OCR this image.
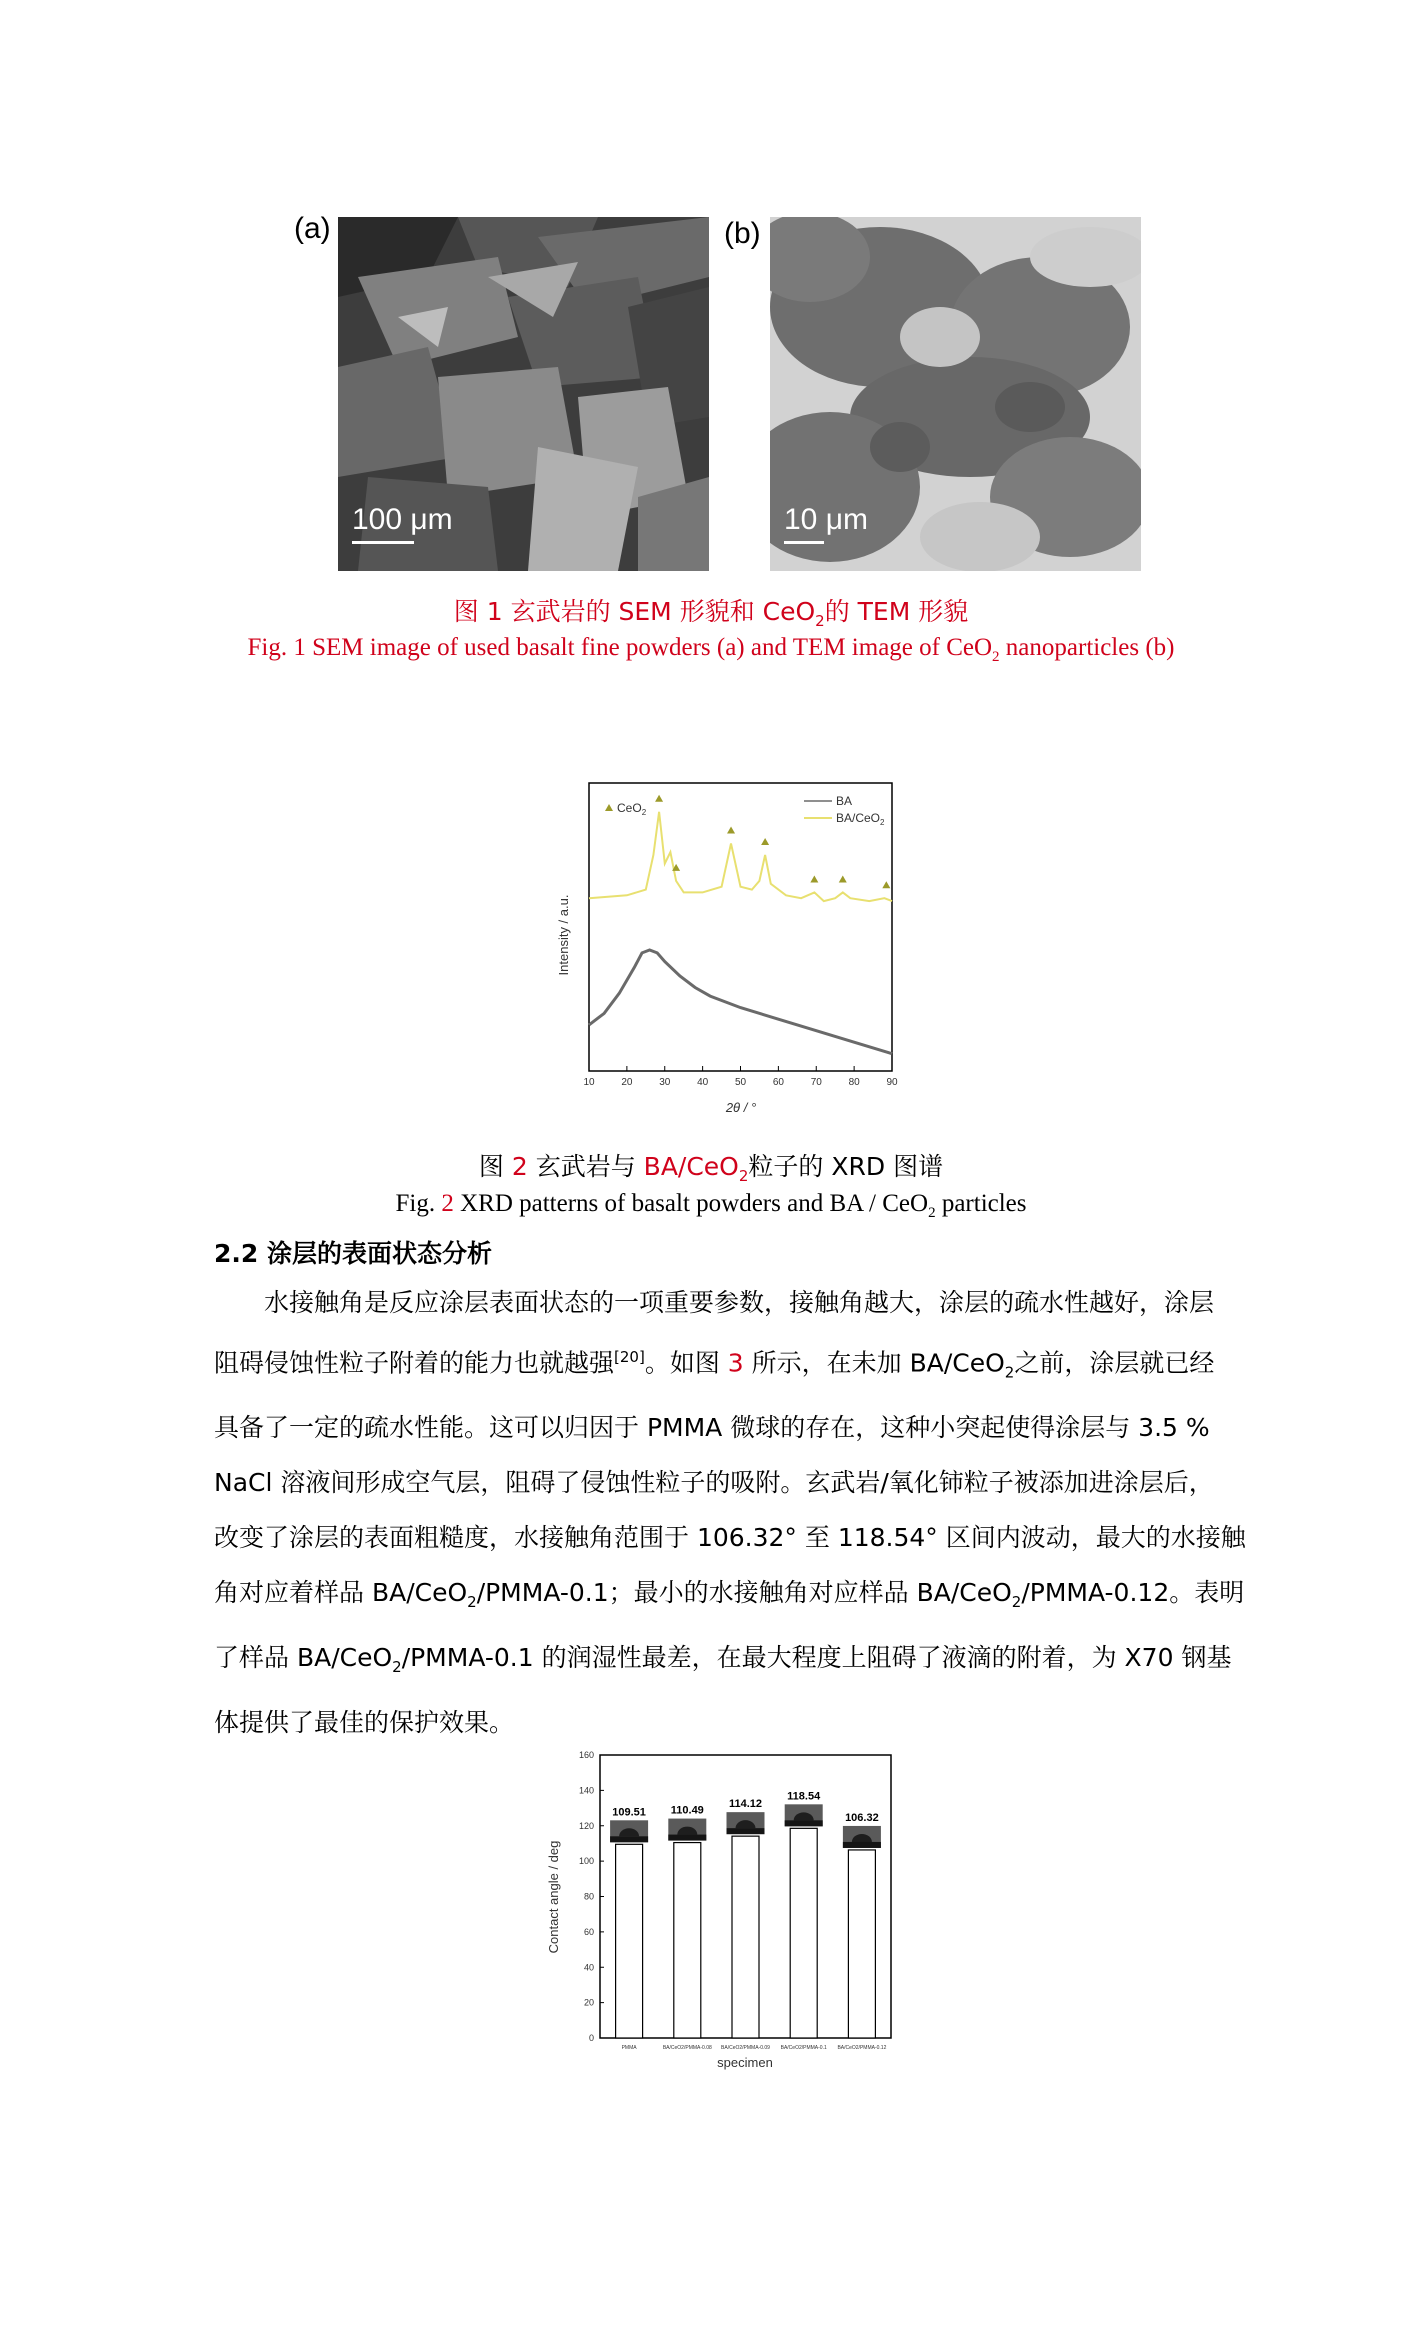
(a)
100 μm
(b)
10 μm
图 1 玄武岩的 SEM 形貌和 CeO$_2$的 TEM 形貌
Fig. 1 SEM image of used basalt fine powders (a) and TEM image of CeO$_2$ nanoparticles (b)
10	20	30	40	50	60	70	80	90
Intensity / a.u.
2θ / °
CeO$_2$
BA
BA/CeO$_2$
图 2 玄武岩与 BA/CeO$_2$粒子的 XRD 图谱
Fig. 2 XRD patterns of basalt powders and BA / CeO$_2$ particles
2.2 涂层的表面状态分析
　　水接触角是反应涂层表面状态的一项重要参数，接触角越大，涂层的疏水性越好，涂层
阻碍侵蚀性粒子附着的能力也就越强[20]。如图 3 所示，在未加 BA/CeO$_2$之前，涂层就已经
具备了一定的疏水性能。这可以归因于 PMMA 微球的存在，这种小突起使得涂层与 3.5 %
NaCl 溶液间形成空气层，阻碍了侵蚀性粒子的吸附。玄武岩/氧化铈粒子被添加进涂层后，
改变了涂层的表面粗糙度，水接触角范围于 106.32° 至 118.54° 区间内波动，最大的水接触
角对应着样品 BA/CeO$_2$/PMMA-0.1；最小的水接触角对应样品 BA/CeO$_2$/PMMA-0.12。表明
了样品 BA/CeO$_2$/PMMA-0.1 的润湿性最差，在最大程度上阻碍了液滴的附着，为 X70 钢基
体提供了最佳的保护效果。
0
20
40
60
80
100
120
140
160
109.51
PMMA
110.49
BA/CeO2/PMMA-0.08
114.12
BA/CeO2/PMMA-0.09
118.54
BA/CeO2/PMMA-0.1
106.32
BA/CeO2/PMMA-0.12
Contact angle / deg
specimen
